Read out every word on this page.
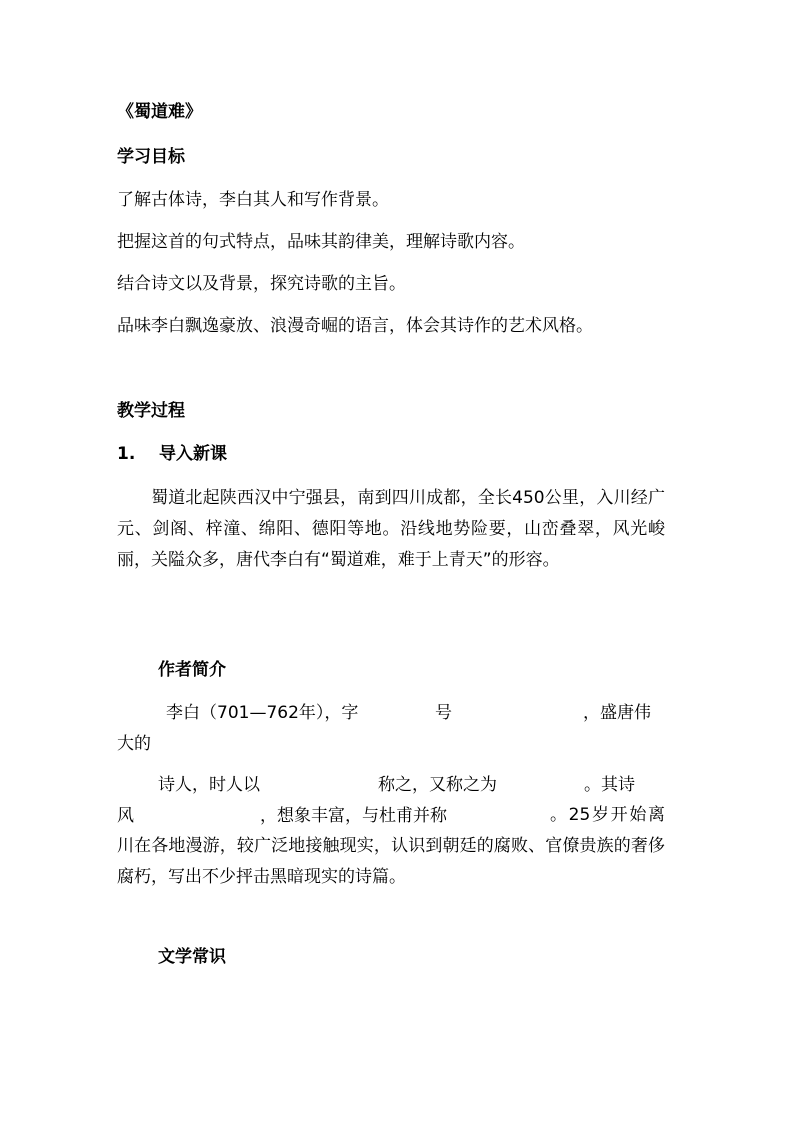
《蜀道难》
学习目标
了解古体诗，李白其人和写作背景。
把握这首的句式特点，品味其韵律美，理解诗歌内容。
结合诗文以及背景，探究诗歌的主旨。
品味李白飘逸豪放、浪漫奇崛的语言，体会其诗作的艺术风格。
教学过程
1. 导入新课
蜀道北起陕西汉中宁强县，南到四川成都，全长450公里，入川经广元、剑阁、梓潼、绵阳、德阳等地。沿线地势险要，山峦叠翠，风光峻丽，关隘众多，唐代李白有“蜀道难，难于上青天”的形容。
作者简介
李白（701—762年），字	号	，盛唐伟
大的
诗人，时人以	称之，又称之为	。其诗
风	，想象丰富，与杜甫并称	。25岁开始离川在各地漫游，较广泛地接触现实，认识到朝廷的腐败、官僚贵族的奢侈腐朽，写出不少抨击黑暗现实的诗篇。
文学常识
